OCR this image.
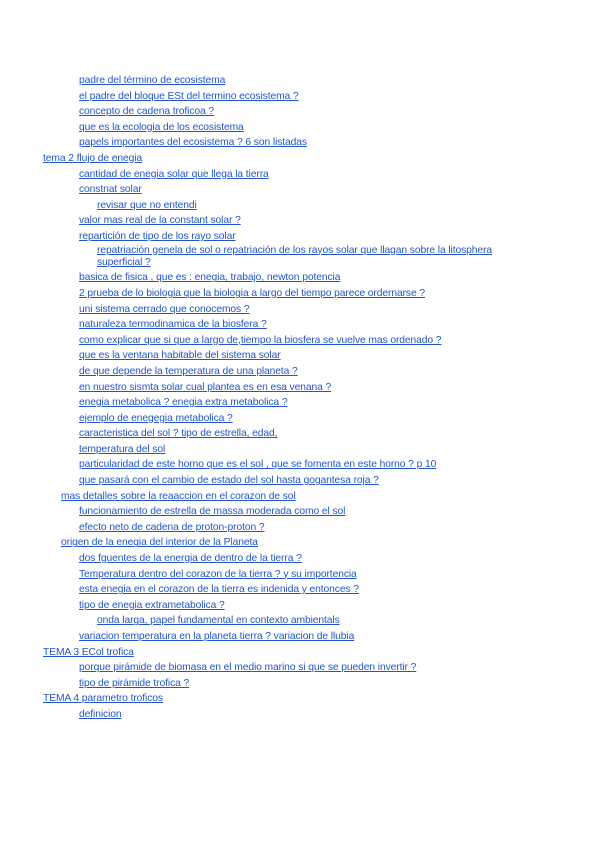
padre del término de ecosistema
el padre del bloque ESt del termino ecosistema ?
concepto de cadena troficoa ?
que es la ecologia de los ecosistema
papels importantes del ecosistema ? 6 son listadas
tema 2 flujo de enegia
cantidad de enegia solar que llega la tierra
constnat solar
revisar que no entendi
valor mas real de la constant solar ?
repartición de tipo de los rayo solar
repatriación genela de sol o repatriación de los rayos solar que llagan sobre la litosphera superficial ?
basica de fisica , que es : enegia, trabajo, newton potencia
2 prueba de lo biologia que la biologia a largo del tiempo parece ordernarse ?
uni sistema cerrado que conocemos ?
naturaleza termodinamica de la biosfera ?
como explicar que si que a largo de,tiempo la biosfera se vuelve mas ordenado ?
que es la ventana habitable del sistema solar
de que depende la temperatura de una planeta ?
en nuestro sismta solar cual plantea es en esa venana ?
enegia metabolica ? enegia extra metabolica ?
ejemplo de enegegia metabolica ?
caracteristica del sol ? tipo de estrella, edad,
temperatura del sol
particularidad de este horno que es el sol , que se fomenta en este horno ? p 10
que pasará con el cambio de estado del sol hasta gogantesa roja ?
mas detalles sobre la reaaccion en el corazon de sol
funcionamiento de estrella de massa moderada como el sol
efecto neto de cadena de proton-proton ?
origen de la enegia del interior de la Planeta
dos fguentes de la energia de dentro de la tierra ?
Temperatura dentro del corazon de la tierra ? y su importencia
esta enegia en el corazon de la tierra es indenida y entonces ?
tipo de enegia extrametabolica ?
onda larga, papel fundamental en contexto ambientals
variacion temperatura en la planeta tierra ? variacion de llubia
TEMA 3 ECol trofica
porque pirámide de biomasa en el medio marino si que se pueden invertir ?
tipo de pirámide trofica ?
TEMA 4 parametro troficos
definicion
